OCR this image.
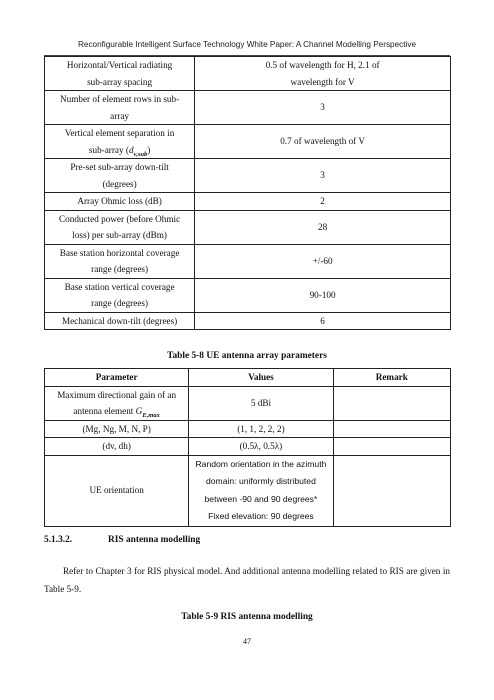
Reconfigurable Intelligent Surface Technology White Paper: A Channel Modelling Perspective
Horizontal/Vertical radiating
sub-array spacing	0.5 of wavelength for H, 2.1 of
wavelength for V
Number of element rows in sub-
array	3
Vertical element separation in
sub-array $(d_{v,sub})$	0.7 of wavelength of V
Pre-set sub-array down-tilt
(degrees)	3
Array Ohmic loss (dB)	2
Conducted power (before Ohmic
loss) per sub-array (dBm)	28
Base station horizontal coverage
range (degrees)	+/-60
Base station vertical coverage
range (degrees)	90-100
Mechanical down-tilt (degrees)	6
Table 5-8 UE antenna array parameters
Parameter	Values	Remark
Maximum directional gain of an
antenna element $G_{E,max}$	5 dBi	
(Mg, Ng, M, N, P)	(1, 1, 2, 2, 2)	
(dv, dh)	(0.5λ, 0.5λ)	
UE orientation	Random orientation in the azimuth
domain: uniformly distributed
between -90 and 90 degrees*
Fixed elevation: 90 degrees	
5.1.3.2.	RIS antenna modelling
Refer to Chapter 3 for RIS physical model. And additional antenna modelling related to RIS are given in Table 5-9.
Table 5-9 RIS antenna modelling
47
